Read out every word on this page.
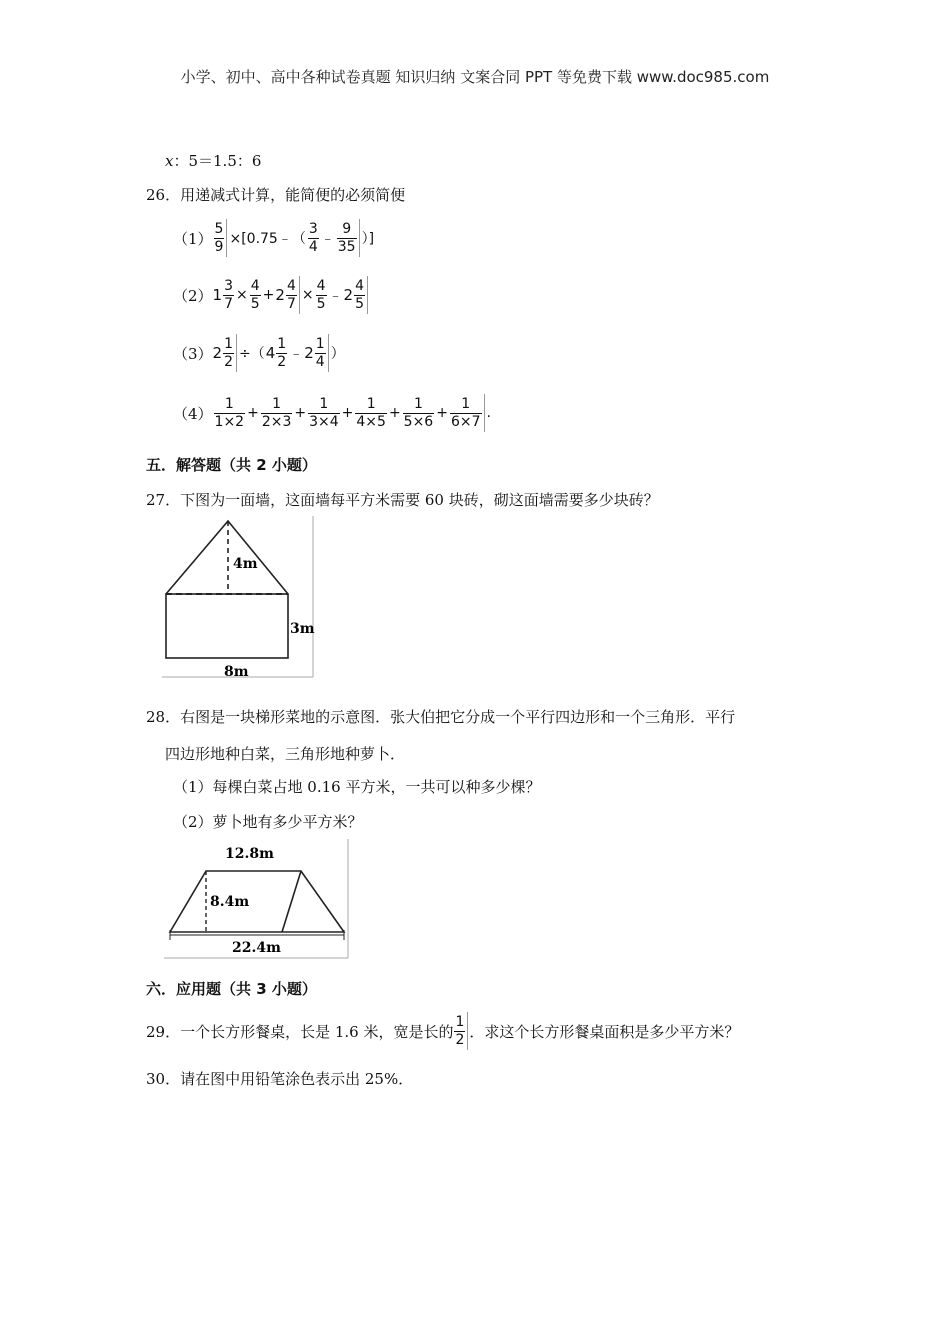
小学、初中、高中各种试卷真题 知识归纳 文案合同 PPT 等免费下载 www.doc985.com
x：5＝1.5：6
26．用递减式计算，能简便的必须简便
$(1) \frac{5}{9}$ ×[0.75﹣（ $\frac{3}{4}$ ﹣ $\frac{9}{35}$ ）]
（2） $1 \frac{3}{7} \times \frac{4}{5} + 2 \frac{4}{7} \times \frac{4}{5}$ ﹣ $2 \frac{4}{5}$
（3） $2 \frac{1}{2}$ ÷（ $4 \frac{1}{2}$ ﹣ $2 \frac{1}{4}$ ）
$(4) \frac{1}{1\times 2} + \frac{1}{2\times 3} + \frac{1}{3\times 4} + \frac{1}{4\times 5} + \frac{1}{5\times 6} + \frac{1}{6\times 7}$ .
五．解答题（共 2 小题）
27．下图为一面墙，这面墙每平方米需要 60 块砖，砌这面墙需要多少块砖？
4m
3m
8m
28．右图是一块梯形菜地的示意图．张大伯把它分成一个平行四边形和一个三角形．平行
四边形地种白菜，三角形地种萝卜．
（1）每棵白菜占地 0.16 平方米，一共可以种多少棵？
（2）萝卜地有多少平方米？
12.8m
8.4m
22.4m
六．应用题（共 3 小题）
29．一个长方形餐桌，长是 1.6 米，宽是长的 $\frac{1}{2}$ ．求这个长方形餐桌面积是多少平方米？
30．请在图中用铅笔涂色表示出 25%．
